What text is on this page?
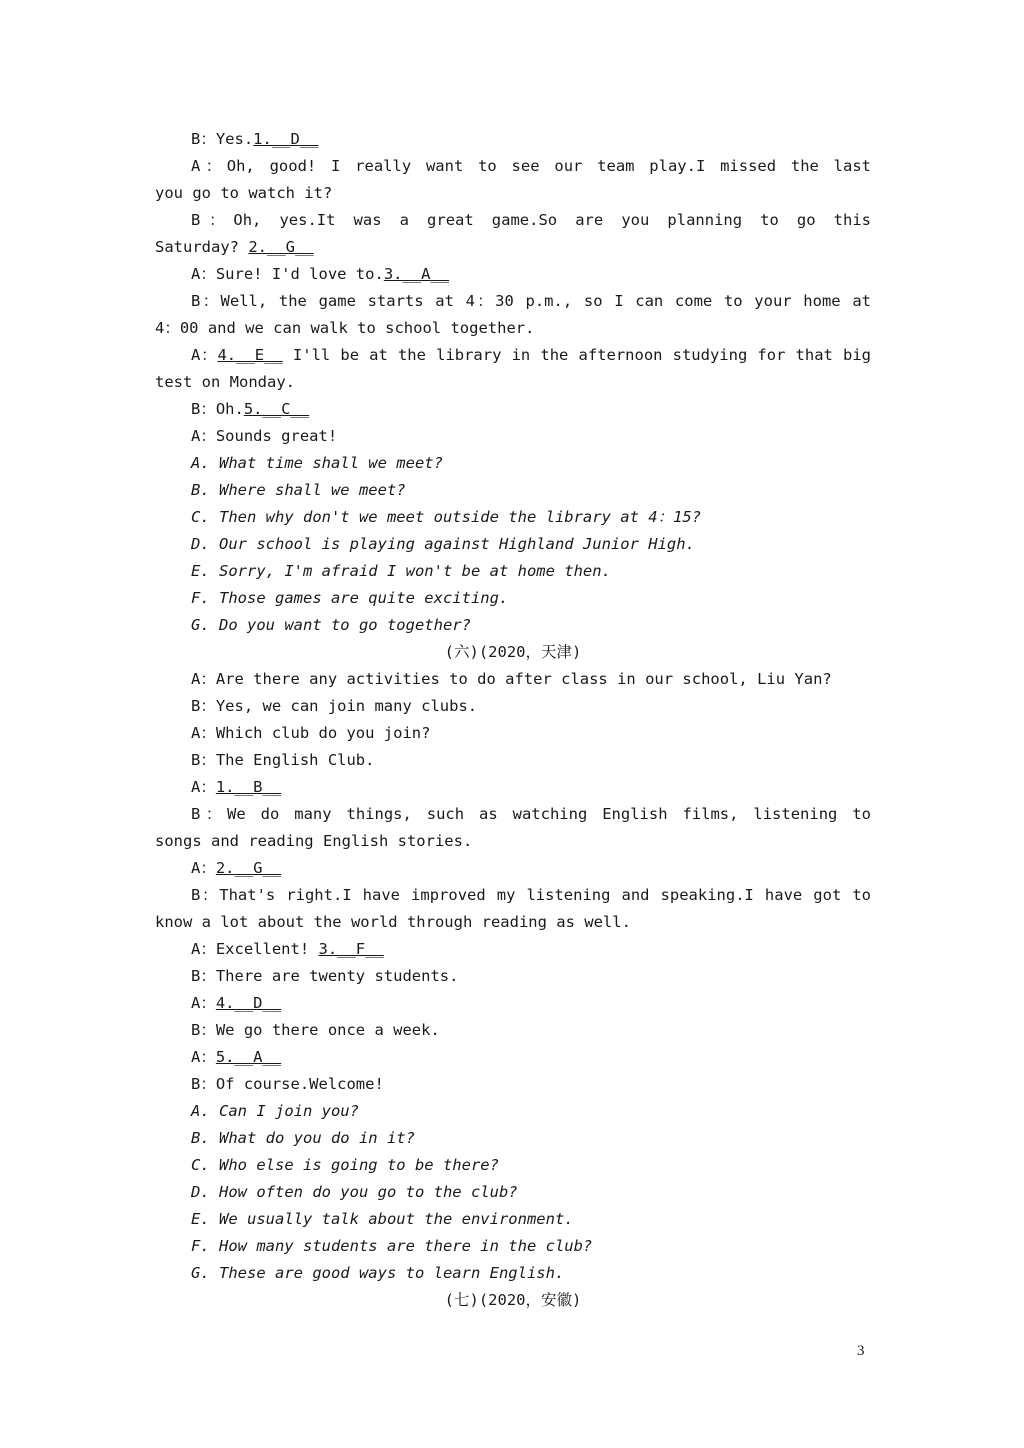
B：Yes.1.__D__
A：Oh, good! I really want to see our team play.I missed the last
you go to watch it?
B：Oh, yes.It was a great game.So are you planning to go this
Saturday? 2.__G__
A：Sure! I'd love to.3.__A__
B：Well, the game starts at 4：30 p.m., so I can come to your home at
4：00 and we can walk to school together.
A：4.__E__ I'll be at the library in the afternoon studying for that big
test on Monday.
B：Oh.5.__C__
A：Sounds great!
A. What time shall we meet?
B. Where shall we meet?
C. Then why don't we meet outside the library at 4：15?
D. Our school is playing against Highland Junior High.
E. Sorry, I'm afraid I won't be at home then.
F. Those games are quite exciting.
G. Do you want to go together?
(六)(2020，天津)
A：Are there any activities to do after class in our school, Liu Yan?
B：Yes, we can join many clubs.
A：Which club do you join?
B：The English Club.
A：1.__B__
B：We do many things, such as watching English films, listening to
songs and reading English stories.
A：2.__G__
B：That's right.I have improved my listening and speaking.I have got to
know a lot about the world through reading as well.
A：Excellent! 3.__F__
B：There are twenty students.
A：4.__D__
B：We go there once a week.
A：5.__A__
B：Of course.Welcome!
A. Can I join you?
B. What do you do in it?
C. Who else is going to be there?
D. How often do you go to the club?
E. We usually talk about the environment.
F. How many students are there in the club?
G. These are good ways to learn English.
(七)(2020，安徽)
3
